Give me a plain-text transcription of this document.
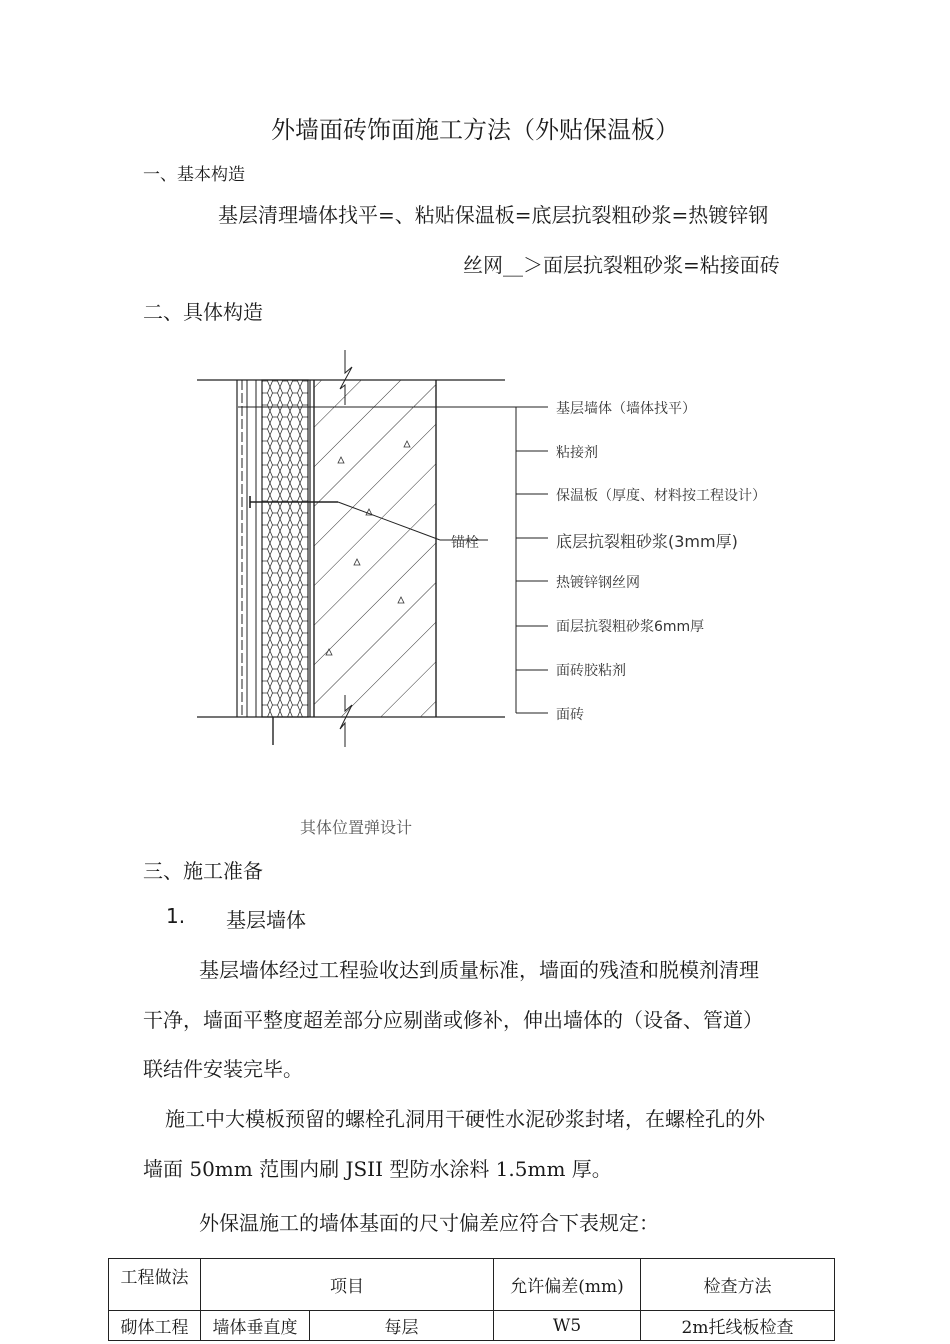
外墙面砖饰面施工方法（外贴保温板）
一、基本构造
基层清理墙体找平=、粘贴保温板=底层抗裂粗砂浆=热镀锌钢
丝网__＞面层抗裂粗砂浆=粘接面砖
二、具体构造
锚栓
基层墙体（墙体找平）
粘接剂
保温板（厚度、材料按工程设计）
底层抗裂粗砂浆(3mm厚)
热镀锌钢丝网
面层抗裂粗砂浆6mm厚
面砖胶粘剂
面砖
其体位置弹设计
三、施工准备
1. 基层墙体
基层墙体经过工程验收达到质量标准，墙面的残渣和脱模剂清理
干净，墙面平整度超差部分应剔凿或修补，伸出墙体的（设备、管道）
联结件安装完毕。
施工中大模板预留的螺栓孔洞用干硬性水泥砂浆封堵，在螺栓孔的外
墙面 50mm 范围内刷 JSII 型防水涂料 1.5mm 厚。
外保温施工的墙体基面的尺寸偏差应符合下表规定：
工程做法	项目		允许偏差(mm)	检查方法
砌体工程	墙体垂直度	每层	W5	2m托线板检查
